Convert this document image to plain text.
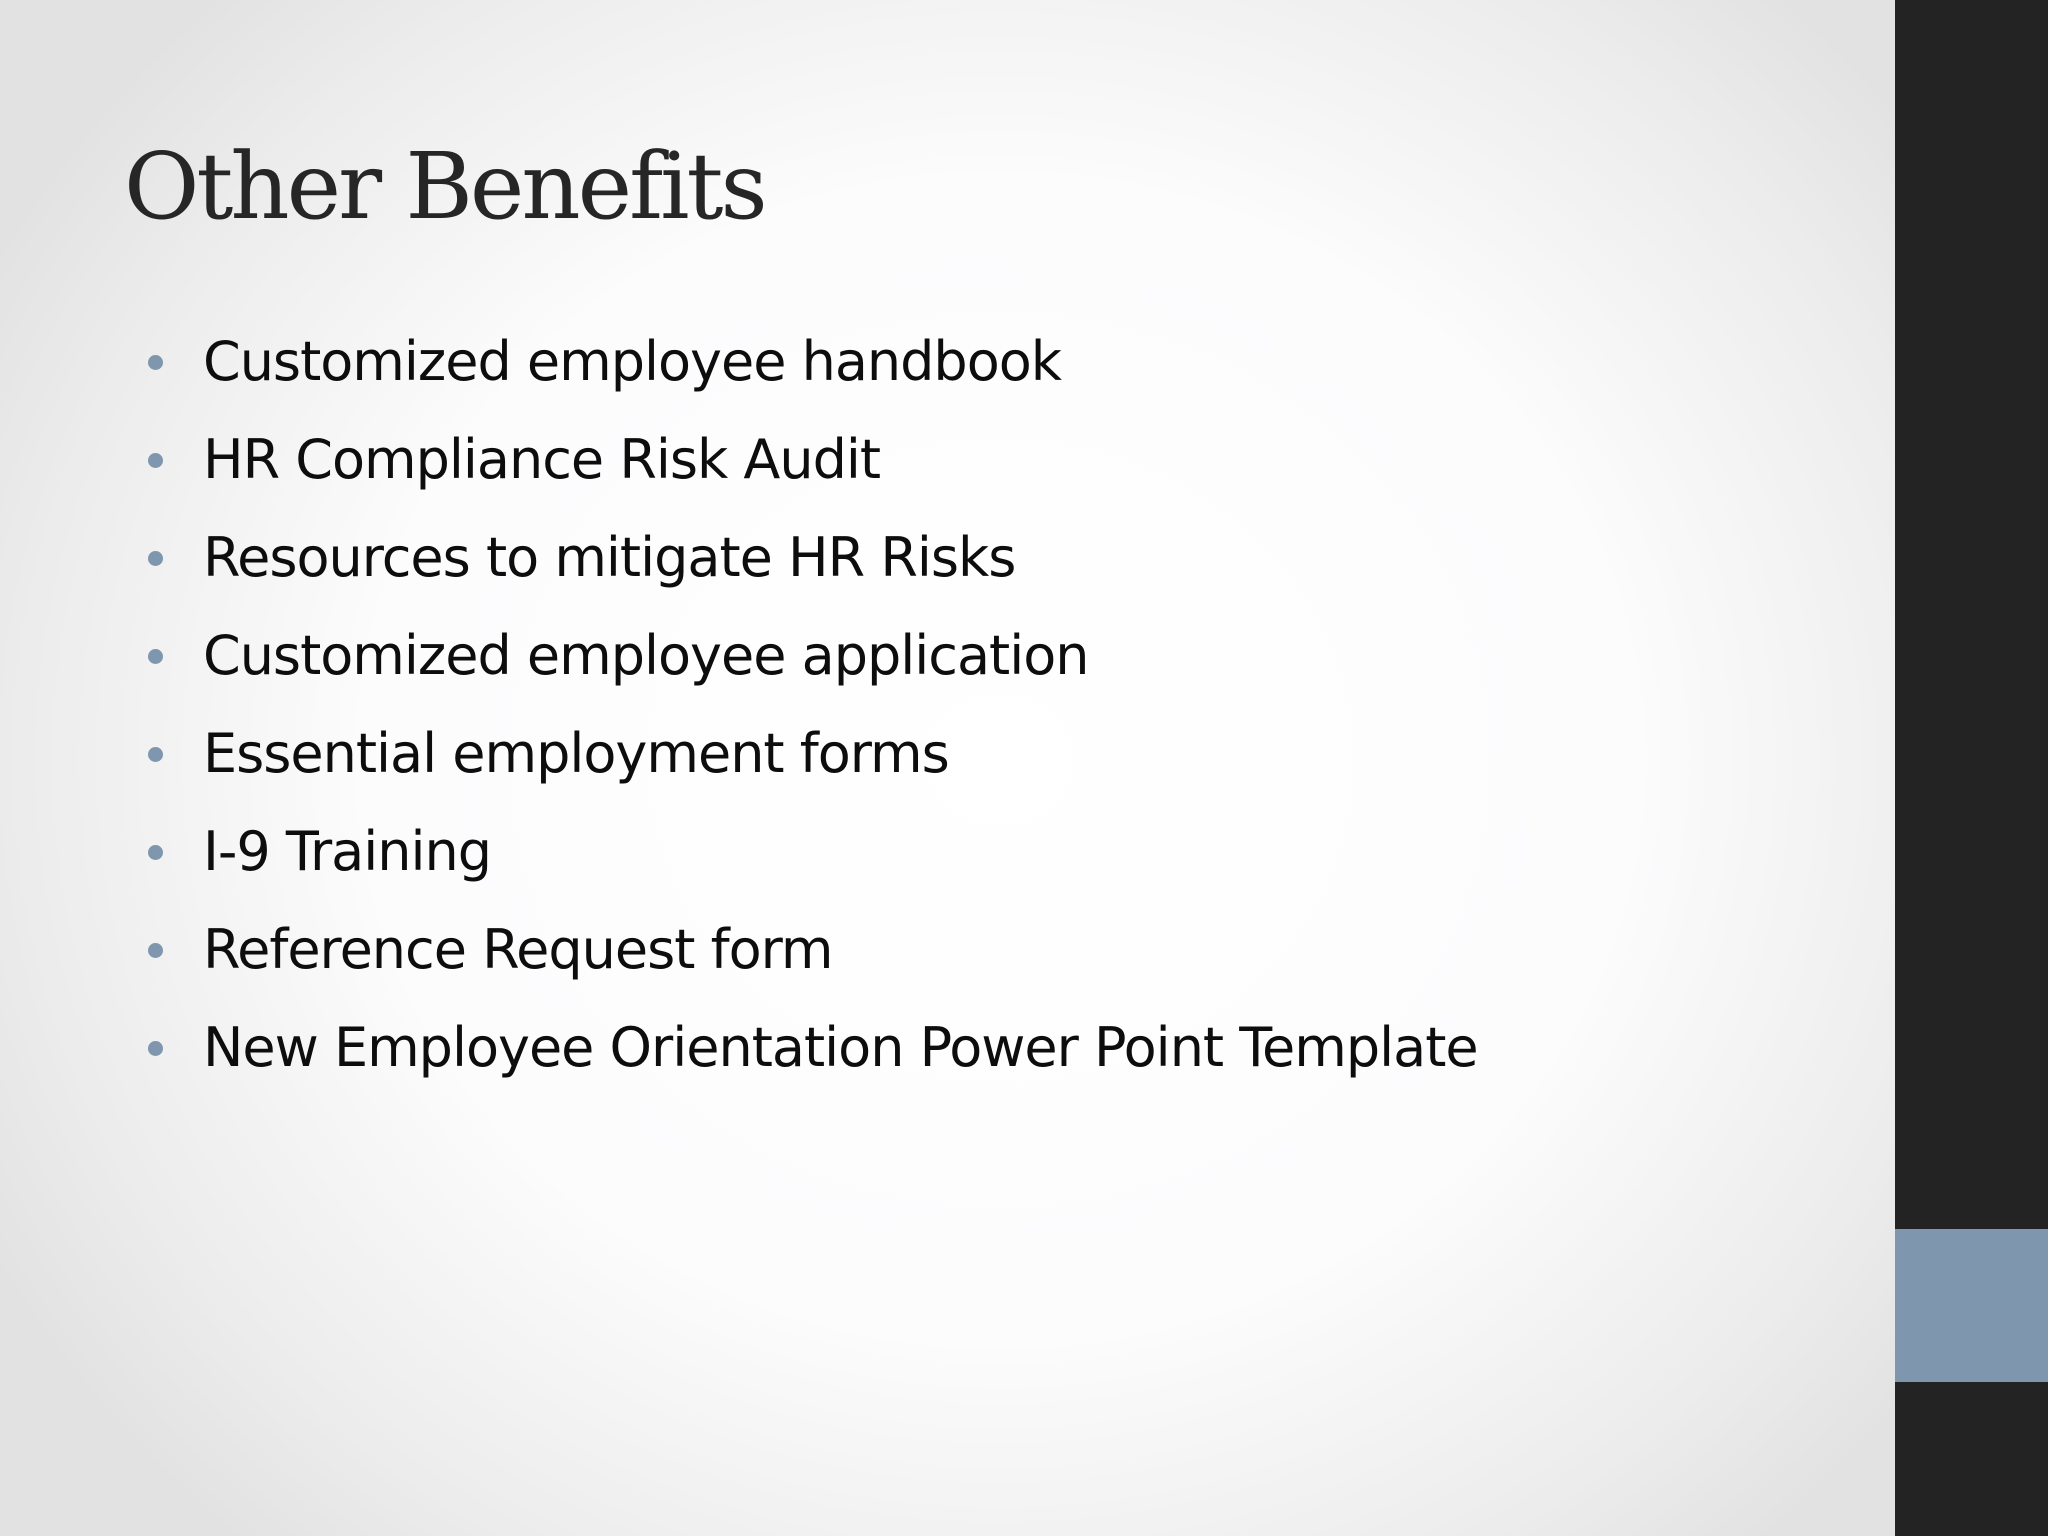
Other Benefits
Customized employee handbook
HR Compliance Risk Audit
Resources to mitigate HR Risks
Customized employee application
Essential employment forms
I-9 Training
Reference Request form
New Employee Orientation Power Point Template
